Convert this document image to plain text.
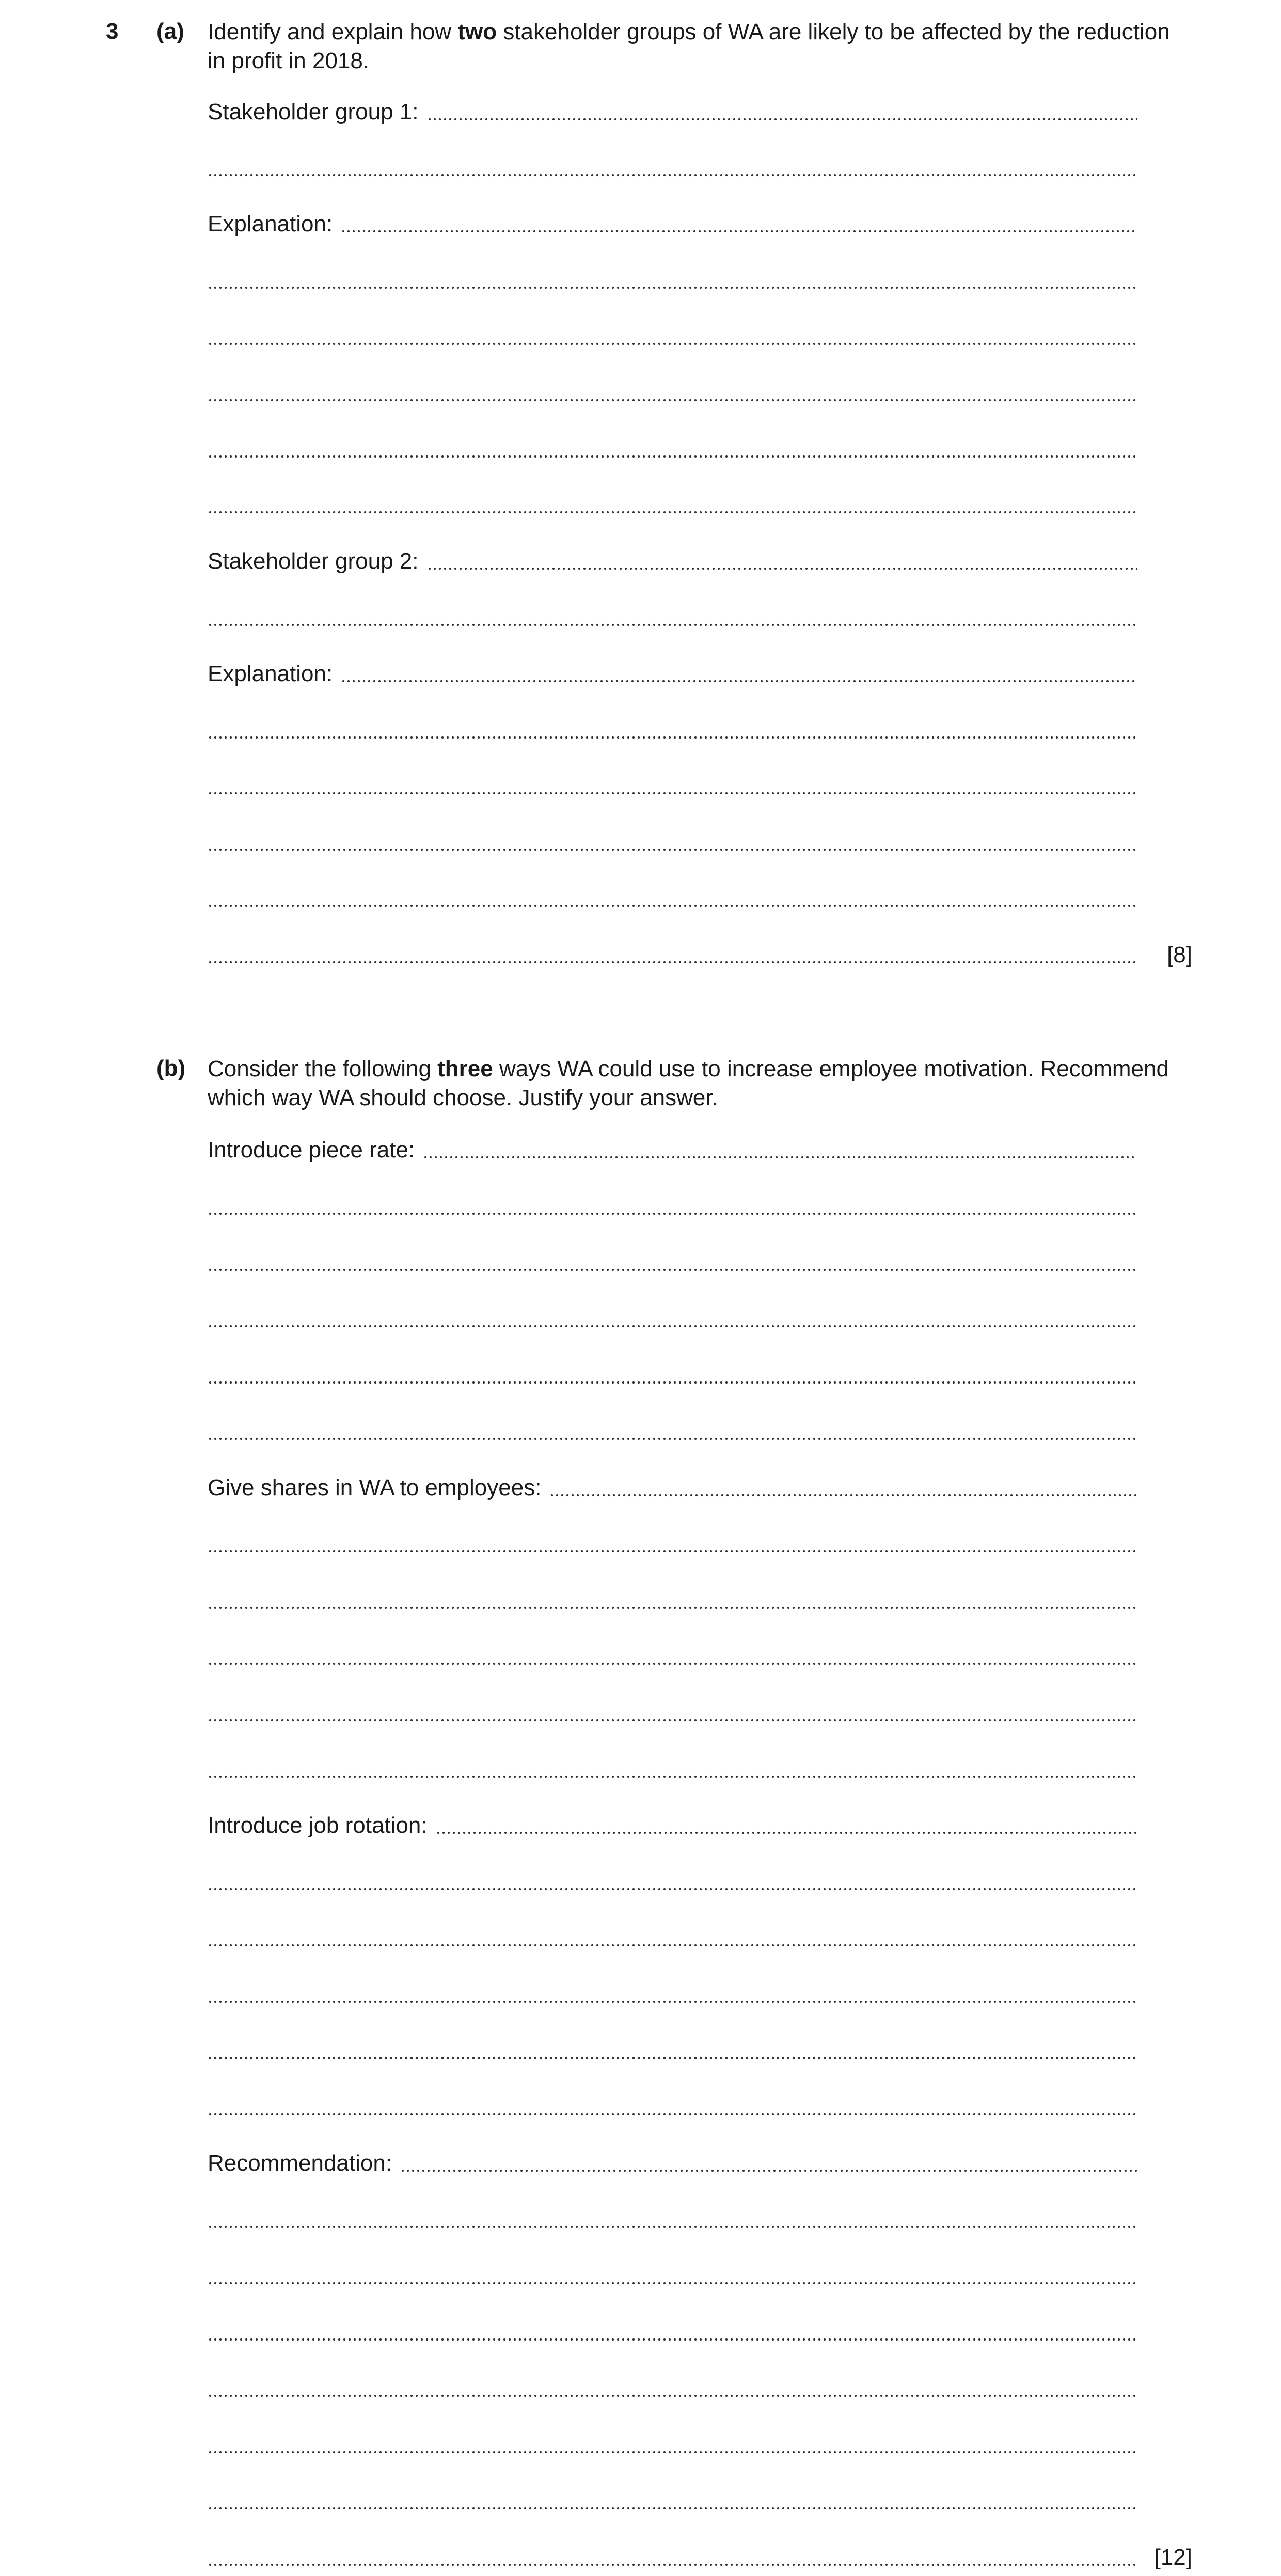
3 (a) Identify and explain how two stakeholder groups of WA are likely to be affected by the reduction in profit in 2018.
Stakeholder group 1:
Explanation:
Stakeholder group 2:
Explanation:
[8]
(b) Consider the following three ways WA could use to increase employee motivation. Recommend which way WA should choose. Justify your answer.
Introduce piece rate:
Give shares in WA to employees:
Introduce job rotation:
Recommendation:
[12]
